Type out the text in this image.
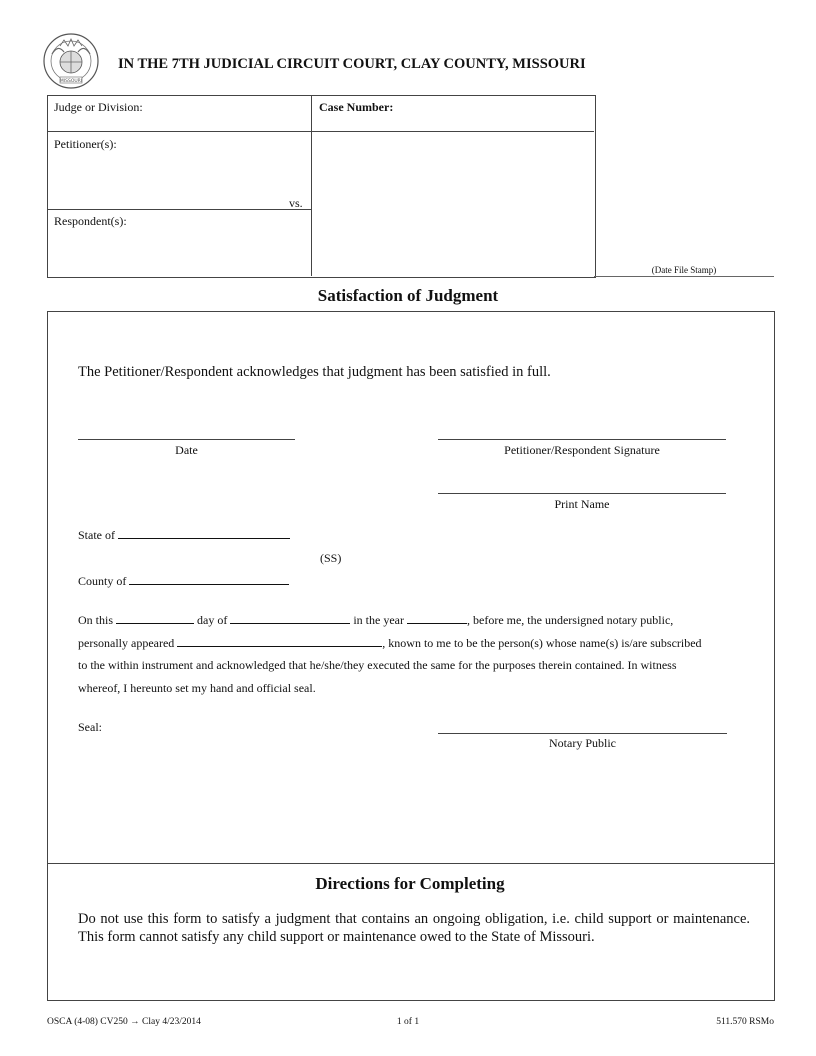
MISSOURI
IN THE 7TH JUDICIAL CIRCUIT COURT, CLAY COUNTY, MISSOURI
Judge or Division:	Case Number:
Petitioner(s):
vs.
Respondent(s):
(Date File Stamp)
Satisfaction of Judgment
The Petitioner/Respondent acknowledges that judgment has been satisfied in full.
Date	Petitioner/Respondent Signature
Print Name
State of
(SS)
County of
On this	day of	in the year	, before me, the undersigned notary public,
personally appeared	, known to me to be the person(s) whose name(s) is/are subscribed
to the within instrument and acknowledged that he/she/they executed the same for the purposes therein contained. In witness
whereof, I hereunto set my hand and official seal.
Seal:
Notary Public
Directions for Completing
Do not use this form to satisfy a judgment that contains an ongoing obligation, i.e. child support or maintenance. This form cannot satisfy any child support or maintenance owed to the State of Missouri.
OSCA (4-08) CV250 → Clay 4/23/2014	1 of 1	511.570 RSMo
